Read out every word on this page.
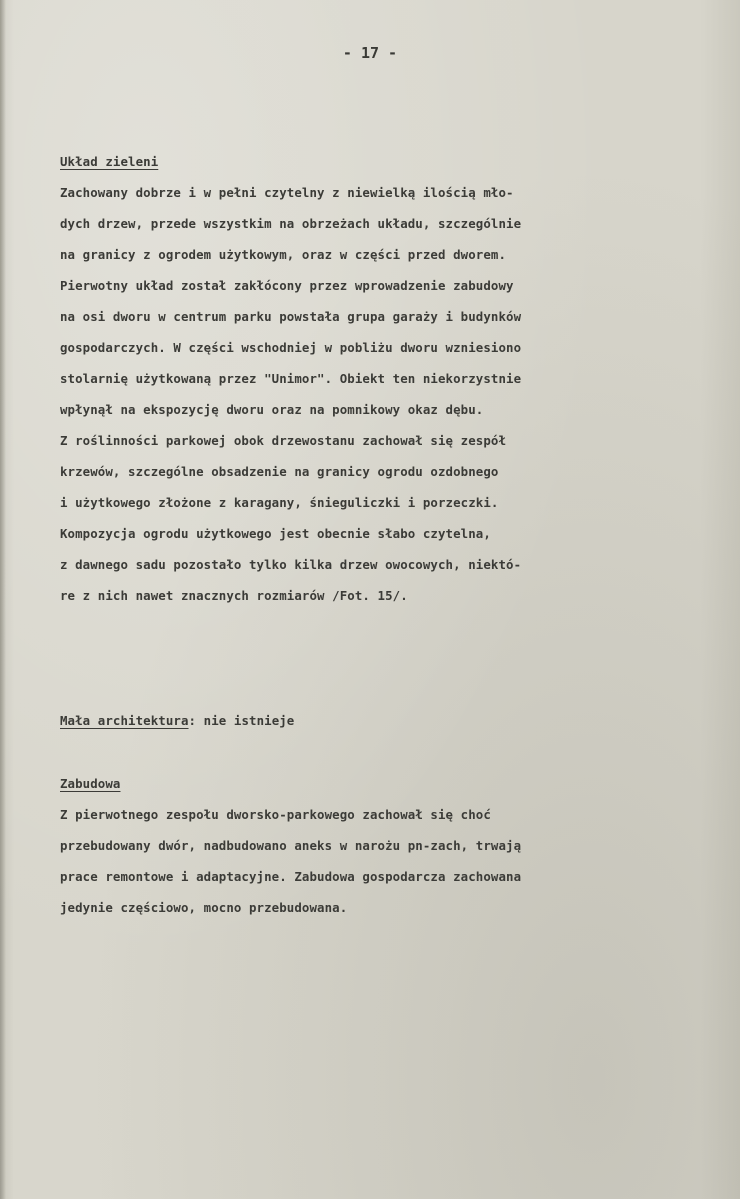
- 17 -
Układ zieleni
Zachowany dobrze i w pełni czytelny z niewielką ilością mło-
dych drzew, przede wszystkim na obrzeżach układu, szczególnie
na granicy z ogrodem użytkowym, oraz w części przed dworem.
Pierwotny układ został zakłócony przez wprowadzenie zabudowy
na osi dworu w centrum parku powstała grupa garaży i budynków
gospodarczych. W części wschodniej w pobliżu dworu wzniesiono
stolarnię użytkowaną przez "Unimor". Obiekt ten niekorzystnie
wpłynął na ekspozycję dworu oraz na pomnikowy okaz dębu.
Z roślinności parkowej obok drzewostanu zachował się zespół
krzewów, szczególne obsadzenie na granicy ogrodu ozdobnego
i użytkowego złożone z karagany, śnieguliczki i porzeczki.
Kompozycja ogrodu użytkowego jest obecnie słabo czytelna,
z dawnego sadu pozostało tylko kilka drzew owocowych, niektó-
re z nich nawet znacznych rozmiarów /Fot. 15/.
Mała architektura: nie istnieje
Zabudowa
Z pierwotnego zespołu dworsko-parkowego zachował się choć
przebudowany dwór, nadbudowano aneks w narożu pn-zach, trwają
prace remontowe i adaptacyjne. Zabudowa gospodarcza zachowana
jedynie częściowo, mocno przebudowana.
